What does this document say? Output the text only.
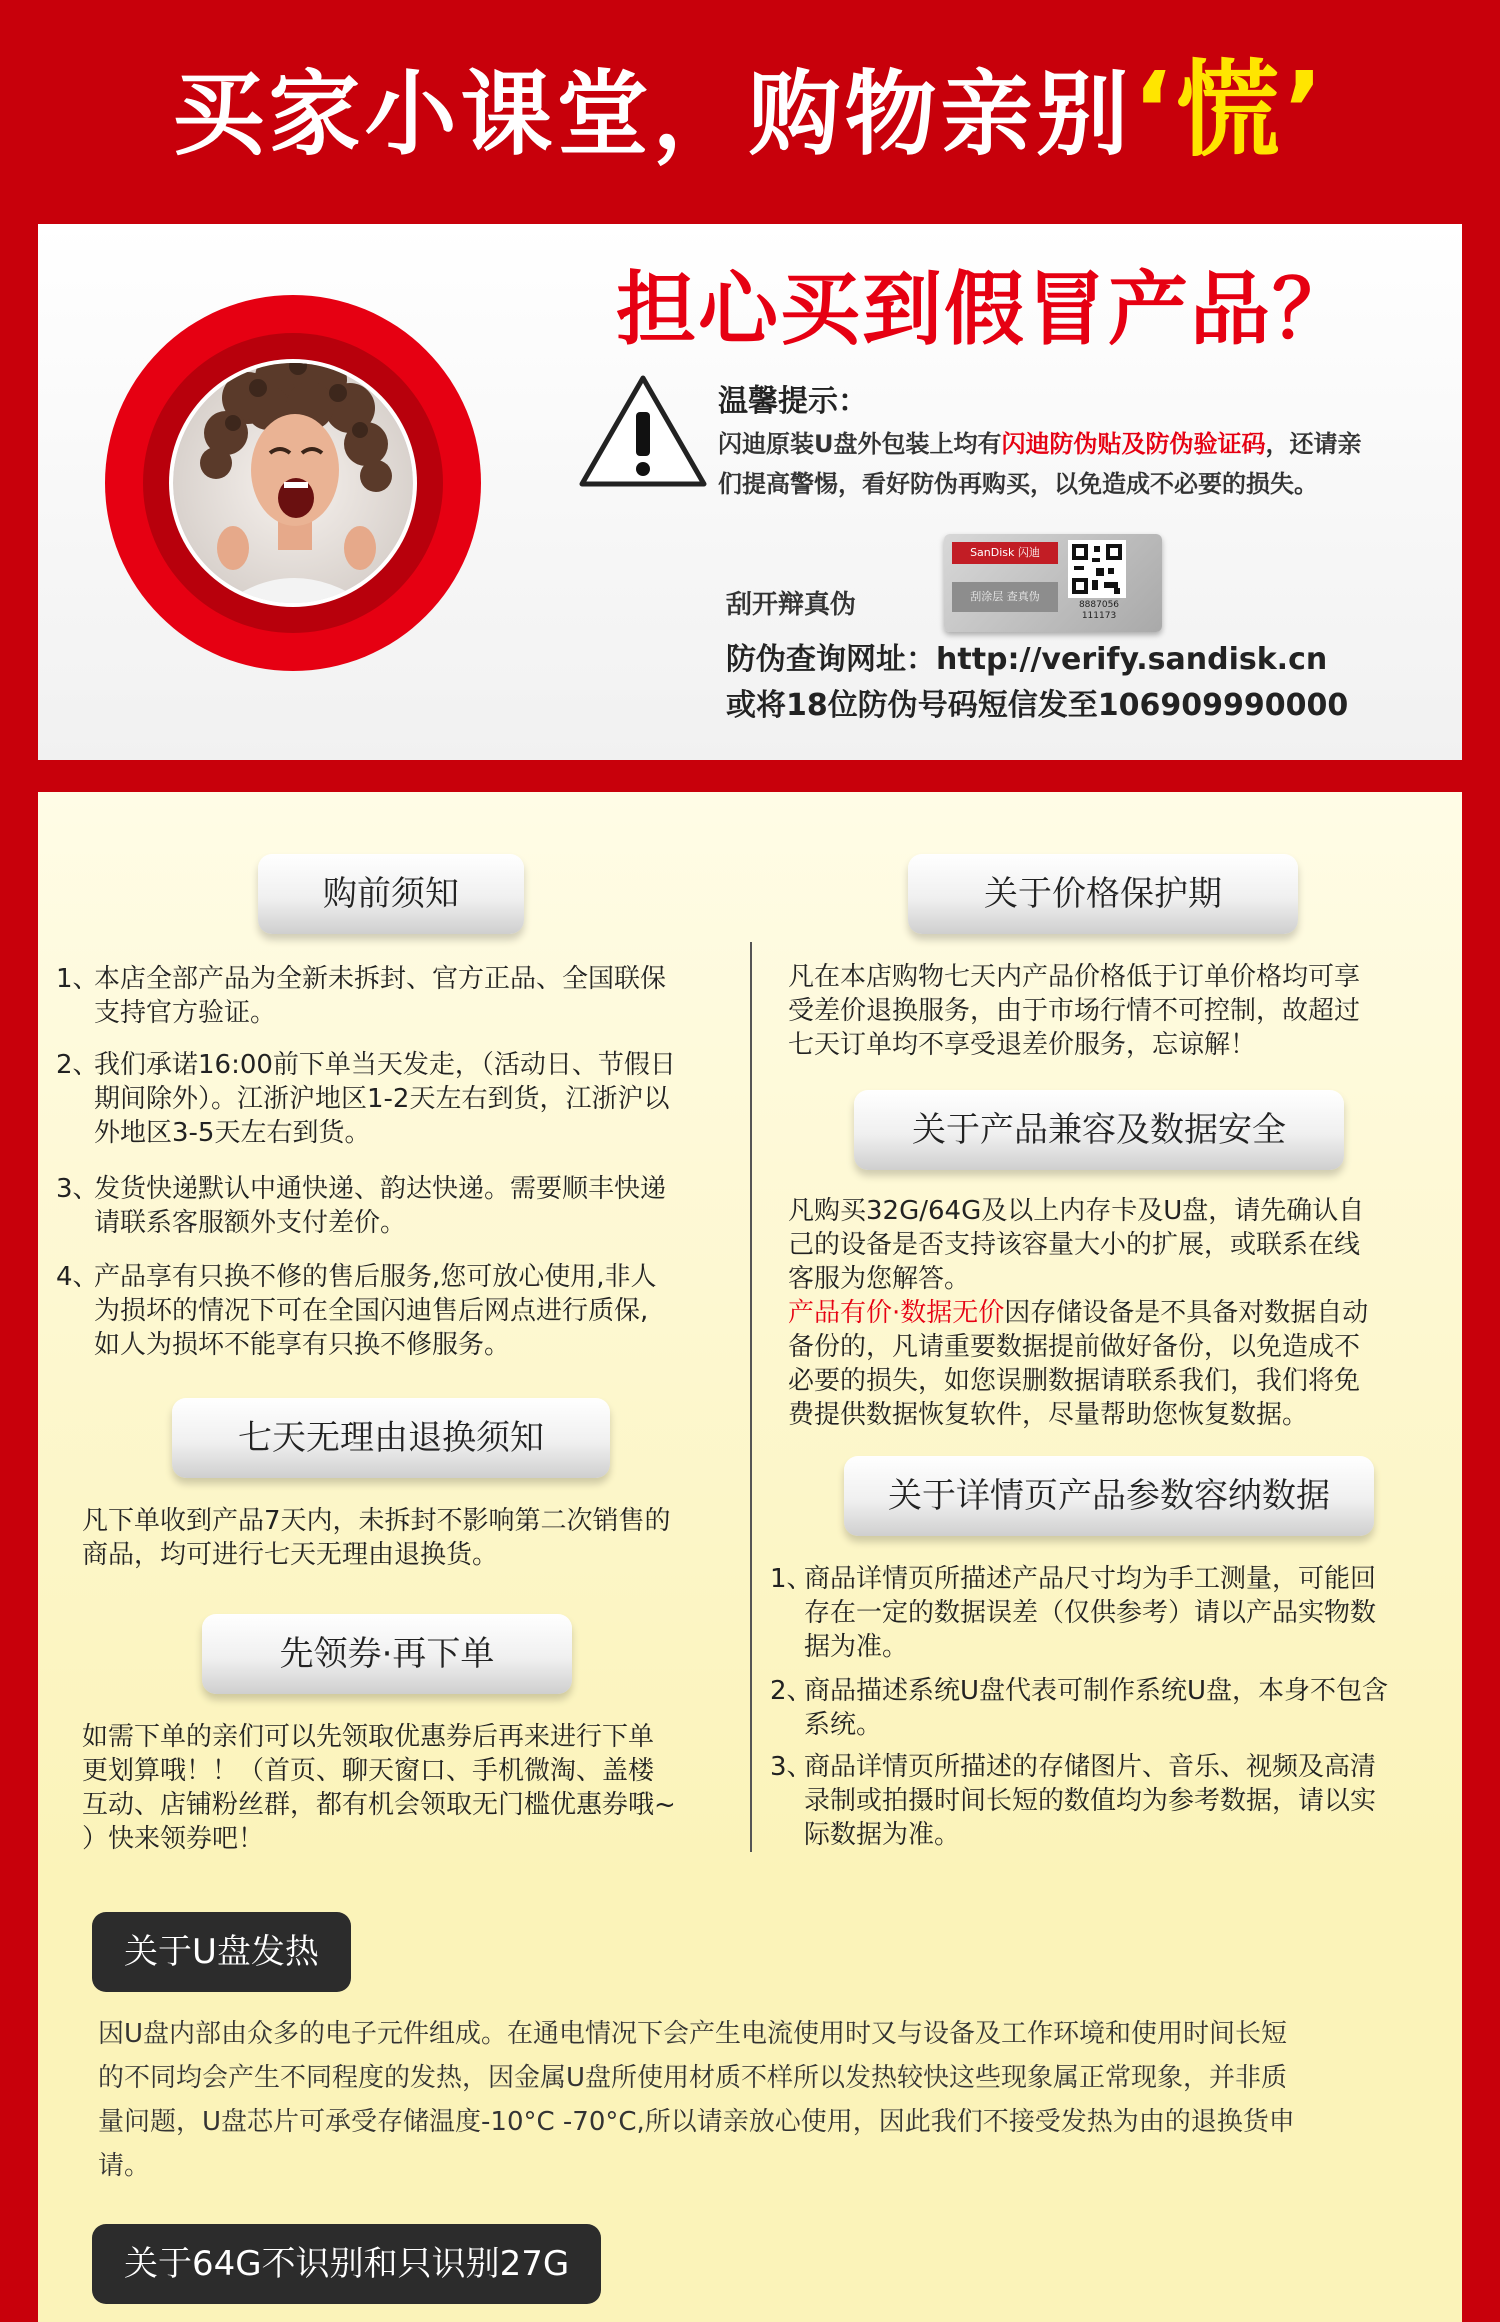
买家小课堂，购物亲别‘慌’
担心买到假冒产品？
温馨提示：
闪迪原装U盘外包装上均有闪迪防伪贴及防伪验证码，还请亲
们提高警惕，看好防伪再购买，以免造成不必要的损失。
刮开辩真伪
SanDisk 闪迪
刮涂层 查真伪
8887056
111173
防伪查询网址：http://verify.sandisk.cn
或将18位防伪号码短信发至106909990000
购前须知
1、
本店全部产品为全新未拆封、官方正品、全国联保
支持官方验证。
2、
我们承诺16:00前下单当天发走，（活动日、节假日
期间除外）。江浙沪地区1-2天左右到货，江浙沪以
外地区3-5天左右到货。
3、
发货快递默认中通快递、韵达快递。需要顺丰快递
请联系客服额外支付差价。
4、
产品享有只换不修的售后服务,您可放心使用,非人
为损坏的情况下可在全国闪迪售后网点进行质保,
如人为损坏不能享有只换不修服务。
七天无理由退换须知
凡下单收到产品7天内，未拆封不影响第二次销售的
商品，均可进行七天无理由退换货。
先领券·再下单
如需下单的亲们可以先领取优惠券后再来进行下单
更划算哦！！（首页、聊天窗口、手机微淘、盖楼
互动、店铺粉丝群，都有机会领取无门槛优惠券哦~
）快来领券吧！
关于价格保护期
凡在本店购物七天内产品价格低于订单价格均可享
受差价退换服务，由于市场行情不可控制，故超过
七天订单均不享受退差价服务，忘谅解！
关于产品兼容及数据安全
凡购买32G/64G及以上内存卡及U盘，请先确认自
己的设备是否支持该容量大小的扩展，或联系在线
客服为您解答。
产品有价·数据无价因存储设备是不具备对数据自动
备份的，凡请重要数据提前做好备份，以免造成不
必要的损失，如您误删数据请联系我们，我们将免
费提供数据恢复软件，尽量帮助您恢复数据。
关于详情页产品参数容纳数据
1、
商品详情页所描述产品尺寸均为手工测量，可能回
存在一定的数据误差（仅供参考）请以产品实物数
据为准。
2、
商品描述系统U盘代表可制作系统U盘，本身不包含
系统。
3、
商品详情页所描述的存储图片、音乐、视频及高清
录制或拍摄时间长短的数值均为参考数据，请以实
际数据为准。
关于U盘发热
因U盘内部由众多的电子元件组成。在通电情况下会产生电流使用时又与设备及工作环境和使用时间长短
的不同均会产生不同程度的发热，因金属U盘所使用材质不样所以发热较快这些现象属正常现象，并非质
量问题，U盘芯片可承受存储温度-10°C -70°C,所以请亲放心使用，因此我们不接受发热为由的退换货申
请。
关于64G不识别和只识别27G
